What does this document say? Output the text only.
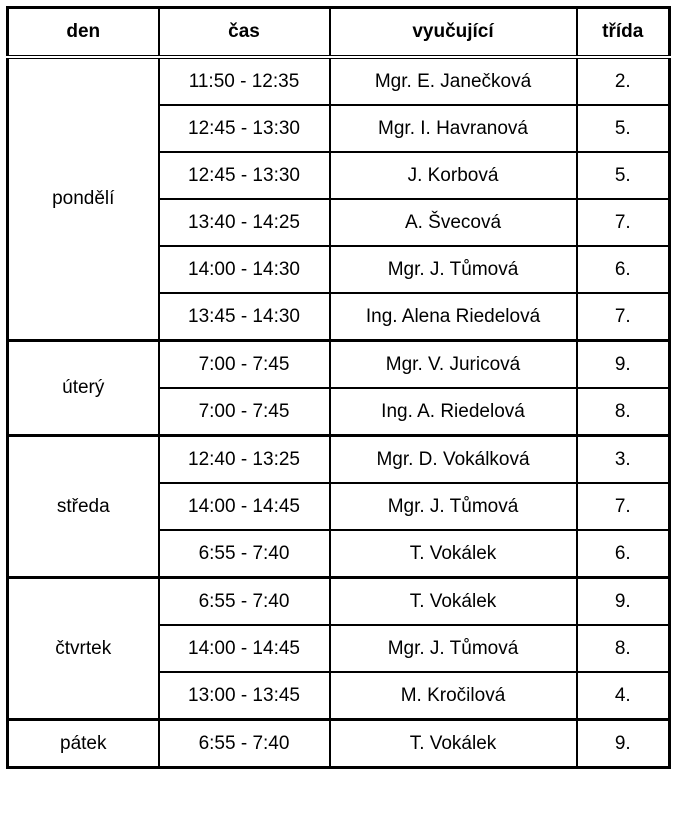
den	čas	vyučující	třída
pondělí	11:50 - 12:35	Mgr. E. Janečková	2.
	12:45 - 13:30	Mgr. I. Havranová	5.
	12:45 - 13:30	J. Korbová	5.
	13:40 - 14:25	A. Švecová	7.
	14:00 - 14:30	Mgr. J. Tůmová	6.
	13:45 - 14:30	Ing. Alena Riedelová	7.
úterý	7:00 - 7:45	Mgr. V. Juricová	9.
	7:00 - 7:45	Ing. A. Riedelová	8.
středa	12:40 - 13:25	Mgr. D. Vokálková	3.
	14:00 - 14:45	Mgr. J. Tůmová	7.
	6:55 - 7:40	T. Vokálek	6.
čtvrtek	6:55 - 7:40	T. Vokálek	9.
	14:00 - 14:45	Mgr. J. Tůmová	8.
	13:00 - 13:45	M. Kročilová	4.
pátek	6:55 - 7:40	T. Vokálek	9.
